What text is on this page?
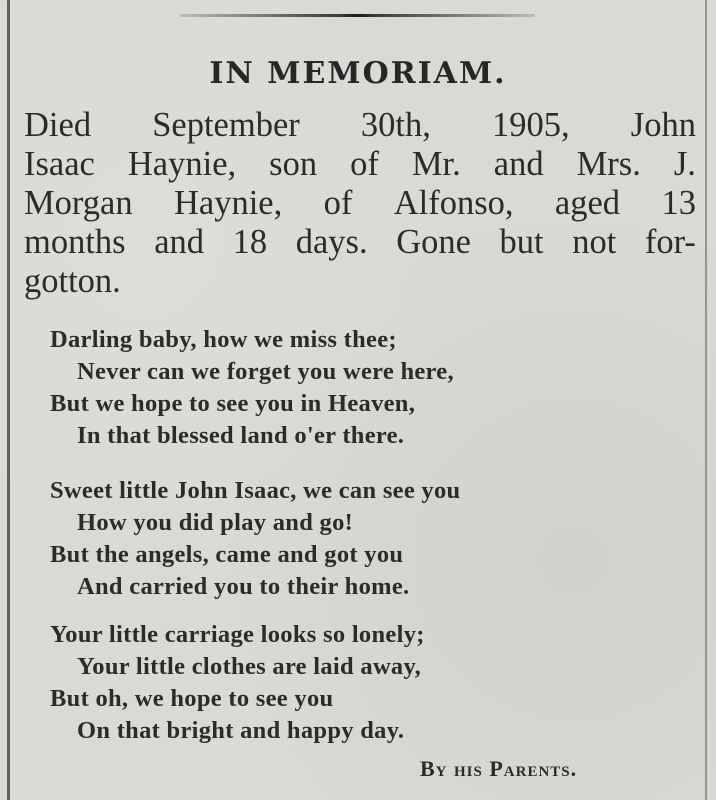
IN MEMORIAM.
Died September 30th, 1905, John
Isaac Haynie, son of Mr. and Mrs. J.
Morgan Haynie, of Alfonso, aged 13
months and 18 days. Gone but not for-
gotton.
Darling baby, how we miss thee;
Never can we forget you were here,
But we hope to see you in Heaven,
In that blessed land o'er there.
Sweet little John Isaac, we can see you
How you did play and go!
But the angels, came and got you
And carried you to their home.
Your little carriage looks so lonely;
Your little clothes are laid away,
But oh, we hope to see you
On that bright and happy day.
By his Parents.
